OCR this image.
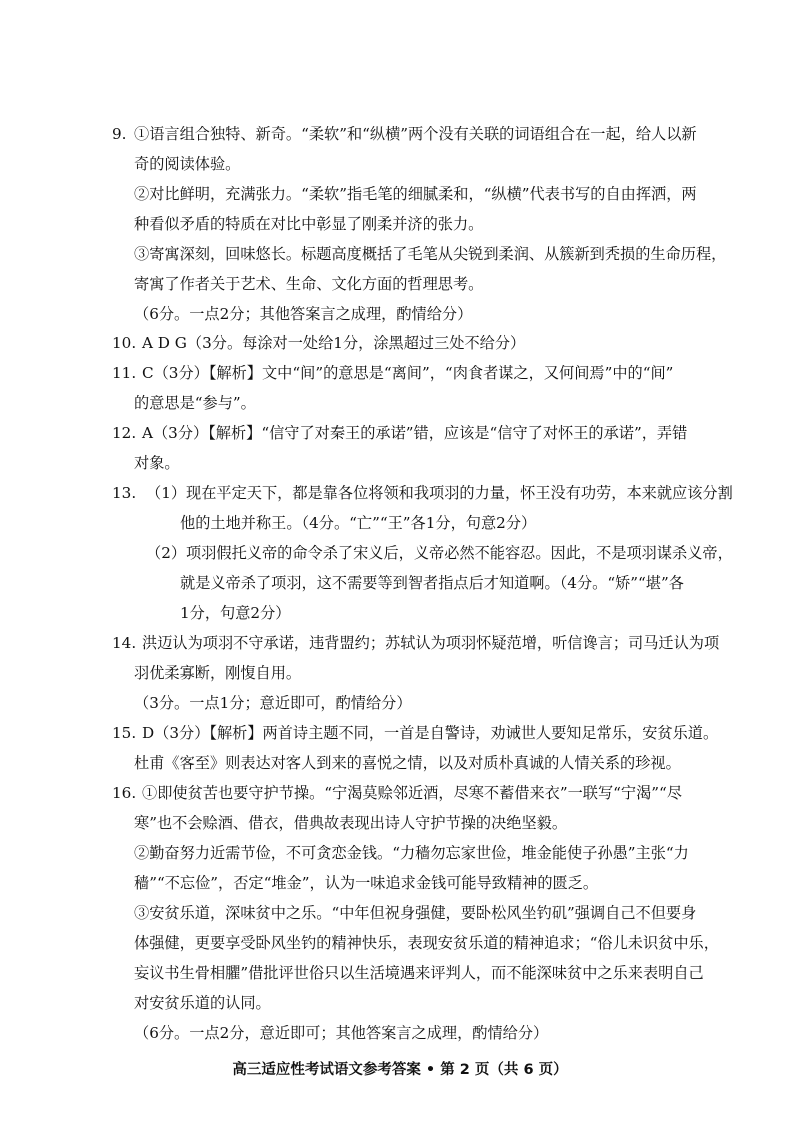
9. ①语言组合独特、新奇。“柔软”和“纵横”两个没有关联的词语组合在一起，给人以新
奇的阅读体验。
②对比鲜明，充满张力。“柔软”指毛笔的细腻柔和，“纵横”代表书写的自由挥洒，两
种看似矛盾的特质在对比中彰显了刚柔并济的张力。
③寄寓深刻，回味悠长。标题高度概括了毛笔从尖锐到柔润、从簇新到秃损的生命历程，
寄寓了作者关于艺术、生命、文化方面的哲理思考。
（6分。一点2分；其他答案言之成理，酌情给分）
10. A D G（3分。每涂对一处给1分，涂黑超过三处不给分）
11. C（3分）【解析】文中“间”的意思是“离间”，“肉食者谋之，又何间焉”中的“间”
的意思是“参与”。
12. A（3分）【解析】“信守了对秦王的承诺”错，应该是“信守了对怀王的承诺”，弄错
对象。
13. （1）现在平定天下，都是靠各位将领和我项羽的力量，怀王没有功劳，本来就应该分割
他的土地并称王。（4分。“亡”“王”各1分，句意2分）
（2）项羽假托义帝的命令杀了宋义后，义帝必然不能容忍。因此，不是项羽谋杀义帝，
就是义帝杀了项羽，这不需要等到智者指点后才知道啊。（4分。“矫”“堪”各
1分，句意2分）
14. 洪迈认为项羽不守承诺，违背盟约；苏轼认为项羽怀疑范增，听信谗言；司马迁认为项
羽优柔寡断，刚愎自用。
（3分。一点1分；意近即可，酌情给分）
15. D（3分）【解析】两首诗主题不同，一首是自警诗，劝诫世人要知足常乐，安贫乐道。
杜甫《客至》则表达对客人到来的喜悦之情，以及对质朴真诚的人情关系的珍视。
16. ①即使贫苦也要守护节操。“宁渴莫赊邻近酒，尽寒不蓄借来衣”一联写“宁渴”“尽
寒”也不会赊酒、借衣，借典故表现出诗人守护节操的决绝坚毅。
②勤奋努力近需节俭，不可贪恋金钱。“力穑勿忘家世俭，堆金能使子孙愚”主张“力
穑”“不忘俭”，否定“堆金”，认为一味追求金钱可能导致精神的匮乏。
③安贫乐道，深味贫中之乐。“中年但祝身强健，要卧松风坐钓矶”强调自己不但要身
体强健，更要享受卧风坐钓的精神快乐，表现安贫乐道的精神追求；“俗儿未识贫中乐，
妄议书生骨相臞”借批评世俗只以生活境遇来评判人，而不能深味贫中之乐来表明自己
对安贫乐道的认同。
（6分。一点2分，意近即可；其他答案言之成理，酌情给分）
高三适应性考试语文参考答案 • 第 2 页（共 6 页）
